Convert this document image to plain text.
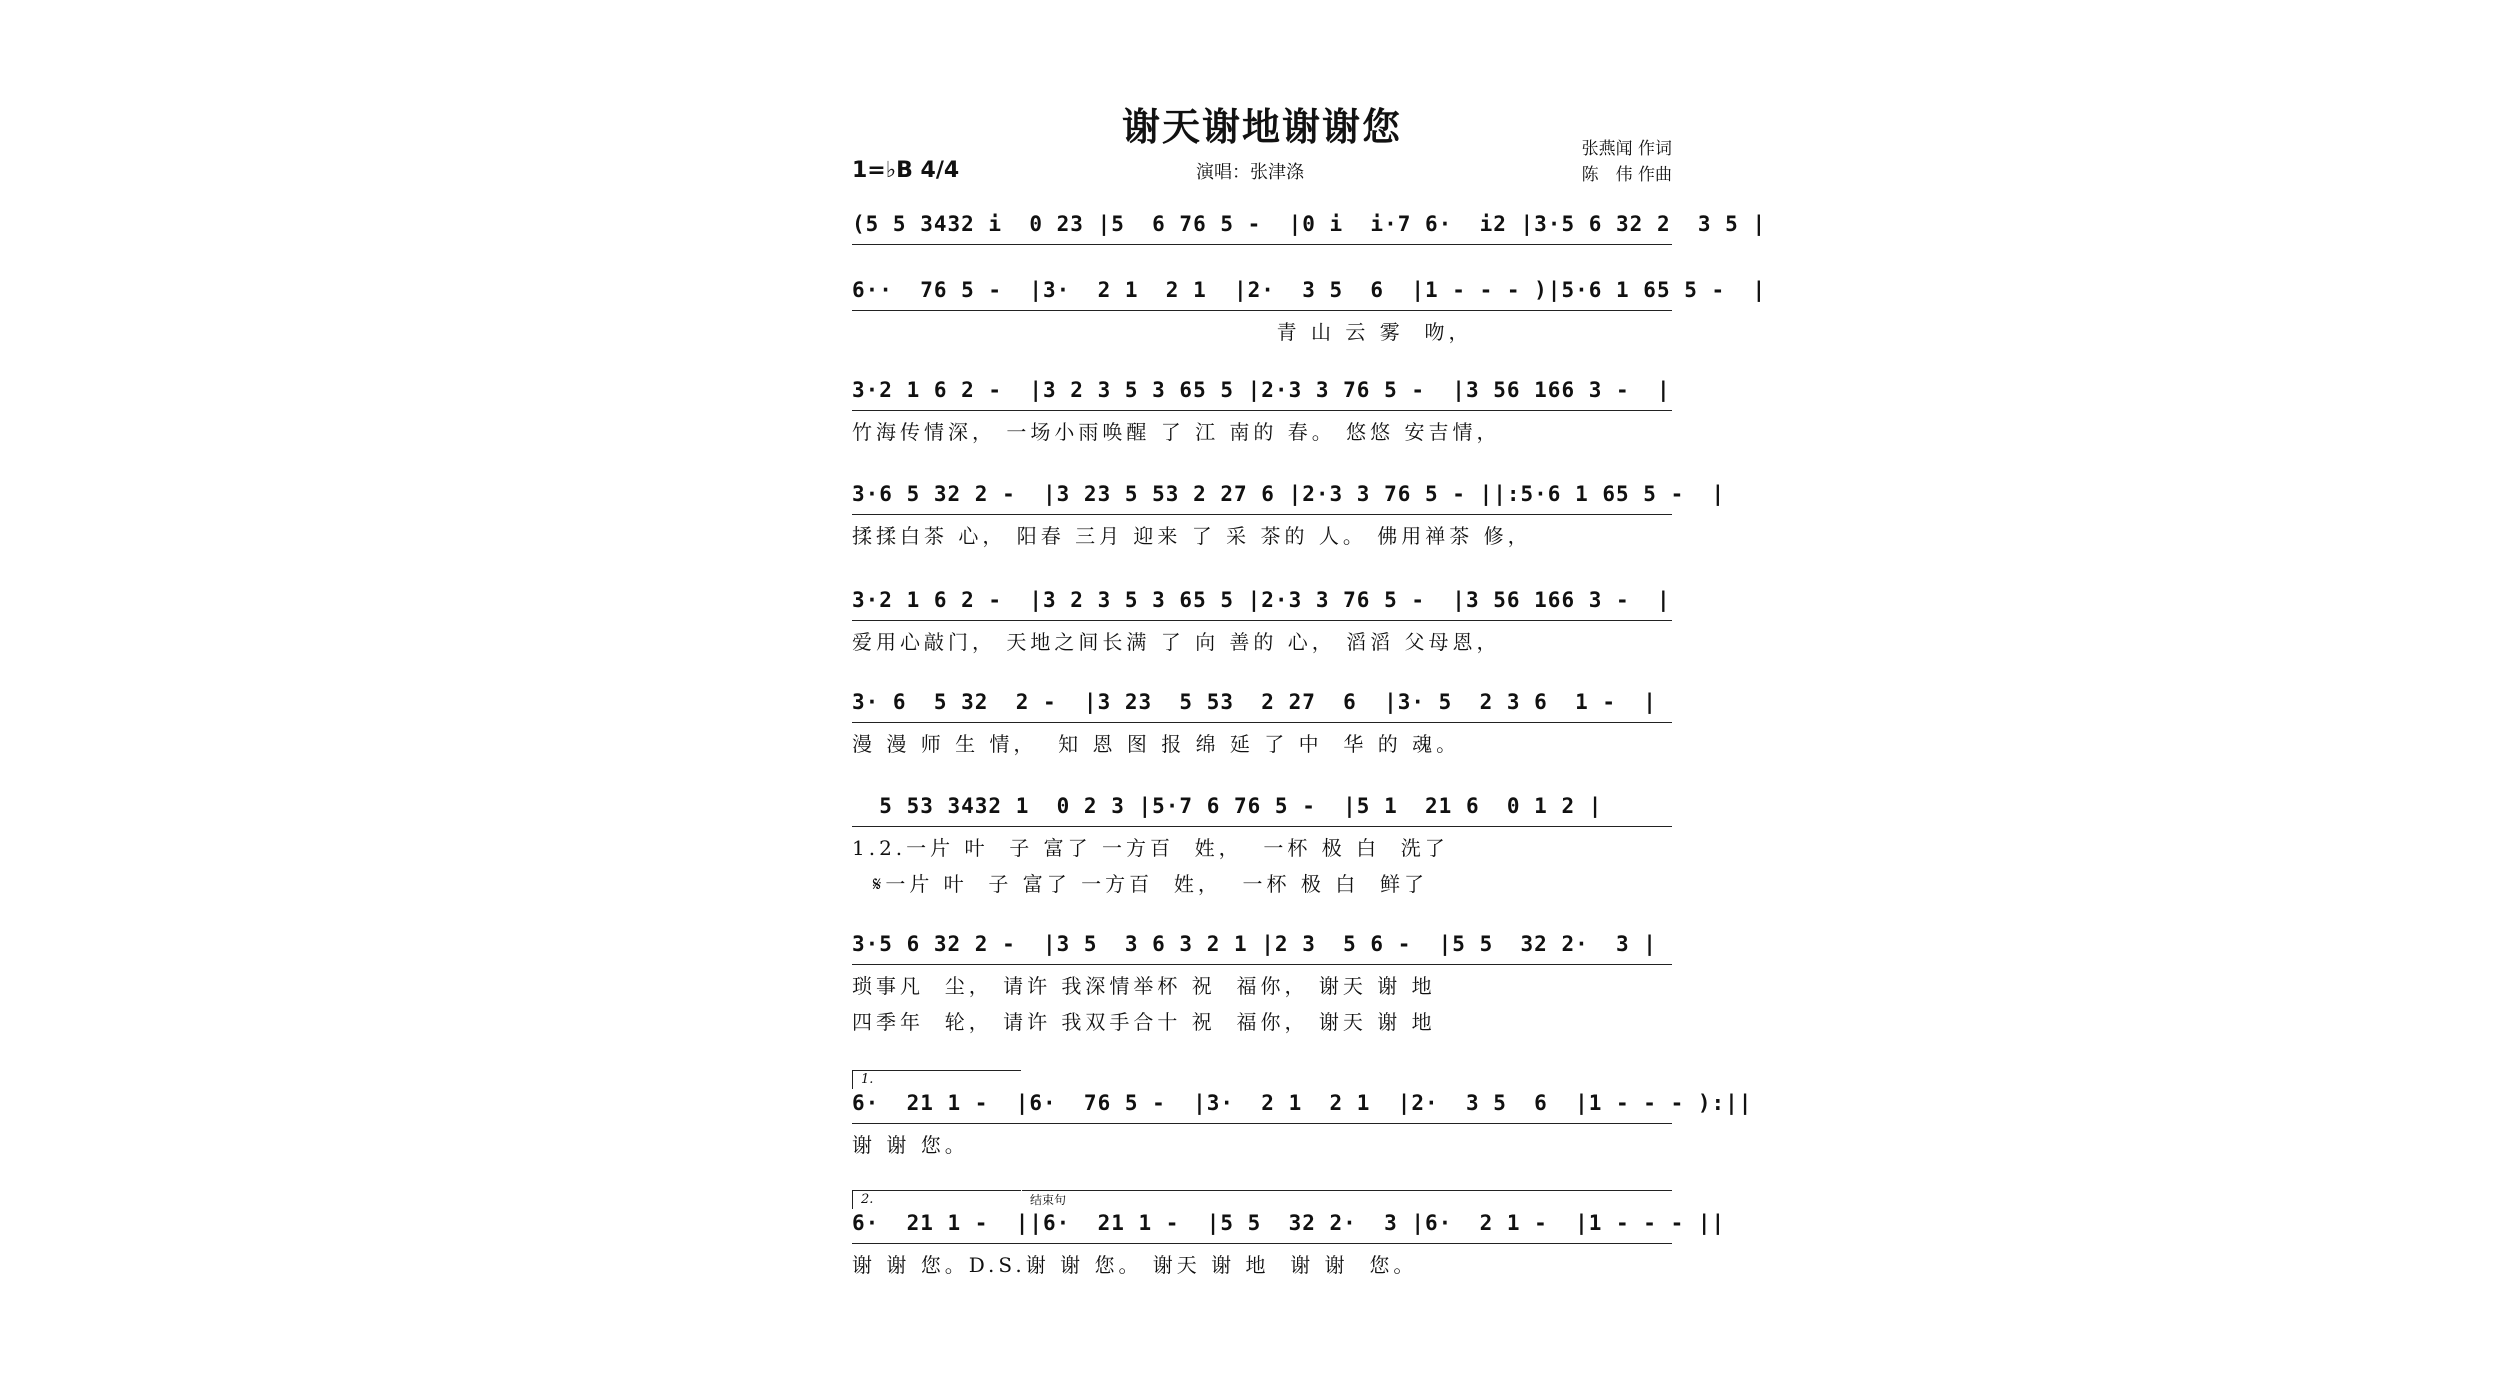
谢天谢地谢谢您
1=♭B 4/4	演唱：张津涤
张燕闻 作词
陈　伟 作曲
(5 5 3432 i  0 23 |5  6 76 5 -  |0 i  i·7 6·  i2 |3·5 6 32 2  3 5 |
6··  76 5 -  |3·  2 1  2 1  |2·  3 5  6  |1 - - - )|5·6 1 65 5 -  |
青 山 云 雾  吻，
3·2 1 6 2 -  |3 2 3 5 3 65 5 |2·3 3 76 5 -  |3 56 166 3 -  |
竹海传情深， 一场小雨唤醒 了 江 南的 春。 悠悠 安吉情，
3·6 5 32 2 -  |3 23 5 53 2 27 6 |2·3 3 76 5 - ||:5·6 1 65 5 -  |
揉揉白茶 心， 阳春 三月 迎来 了 采 茶的 人。 佛用禅茶 修，
3·2 1 6 2 -  |3 2 3 5 3 65 5 |2·3 3 76 5 -  |3 56 166 3 -  |
爱用心敲门， 天地之间长满 了 向 善的 心， 滔滔 父母恩，
3· 6  5 32  2 -  |3 23  5 53  2 27  6  |3· 5  2 3 6  1 -  |
漫 漫 师 生 情，  知 恩 图 报 绵 延 了 中  华 的 魂。
5 53 3432 1  0 2 3 |5·7 6 76 5 -  |5 1  21 6  0 1 2 |
1.2.一片 叶  子 富了 一方百  姓，  一杯 极 白  洗了
𝄋一片 叶  子 富了 一方百  姓，  一杯 极 白  鲜了
3·5 6 32 2 -  |3 5  3 6 3 2 1 |2 3  5 6 -  |5 5  32 2·  3 |
琐事凡  尘， 请许 我深情举杯 祝  福你， 谢天 谢 地
四季年  轮， 请许 我双手合十 祝  福你， 谢天 谢 地
1.
6·  21 1 -  |6·  76 5 -  |3·  2 1  2 1  |2·  3 5  6  |1 - - - ):||
谢 谢 您。
2.	结束句
6·  21 1 -  ||6·  21 1 -  |5 5  32 2·  3 |6·  2 1 -  |1 - - - ||
谢 谢 您。D.S.谢 谢 您。 谢天 谢 地  谢 谢  您。
